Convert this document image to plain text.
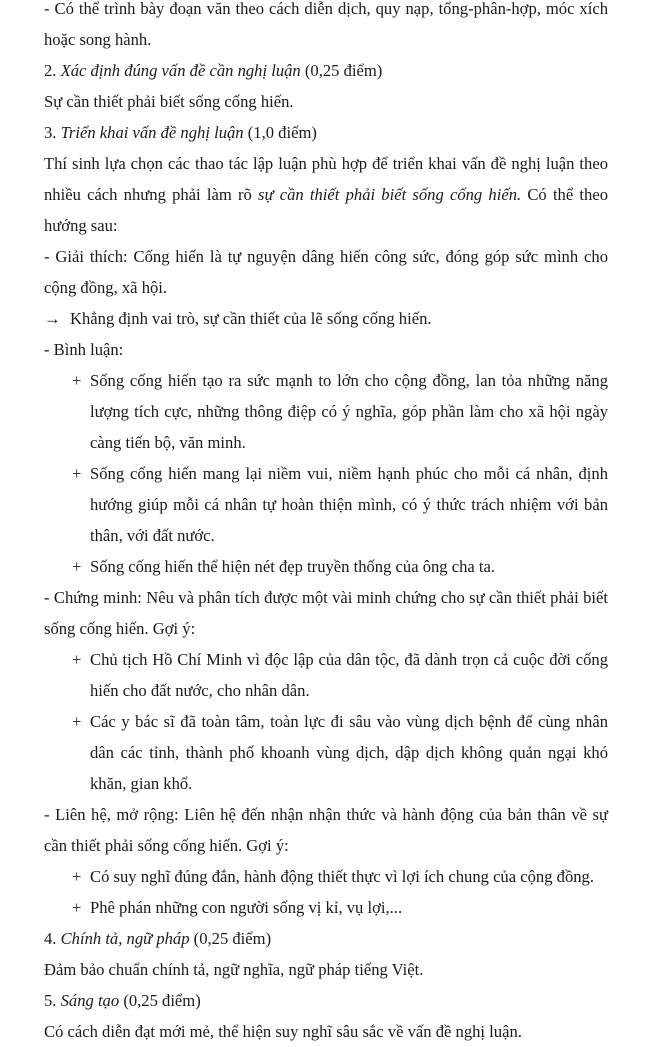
- Có thể trình bày đoạn văn theo cách diễn dịch, quy nạp, tổng-phân-hợp, móc xích hoặc song hành.

2. Xác định đúng vấn đề cần nghị luận (0,25 điểm)

Sự cần thiết phải biết sống cống hiến.

3. Triển khai vấn đề nghị luận (1,0 điểm)

Thí sinh lựa chọn các thao tác lập luận phù hợp để triển khai vấn đề nghị luận theo nhiều cách nhưng phải làm rõ sự cần thiết phải biết sống cống hiến. Có thể theo hướng sau:

- Giải thích: Cống hiến là tự nguyện dâng hiến công sức, đóng góp sức mình cho cộng đồng, xã hội.

→ Khẳng định vai trò, sự cần thiết của lẽ sống cống hiến.

- Bình luận:

+ Sống cống hiến tạo ra sức mạnh to lớn cho cộng đồng, lan tỏa những năng lượng tích cực, những thông điệp có ý nghĩa, góp phần làm cho xã hội ngày càng tiến bộ, văn minh.
+ Sống cống hiến mang lại niềm vui, niềm hạnh phúc cho mỗi cá nhân, định hướng giúp mỗi cá nhân tự hoàn thiện mình, có ý thức trách nhiệm với bản thân, với đất nước.
+ Sống cống hiến thể hiện nét đẹp truyền thống của ông cha ta.

- Chứng minh: Nêu và phân tích được một vài minh chứng cho sự cần thiết phải biết sống cống hiến. Gợi ý:

+ Chủ tịch Hồ Chí Minh vì độc lập của dân tộc, đã dành trọn cả cuộc đời cống hiến cho đất nước, cho nhân dân.
+ Các y bác sĩ đã toàn tâm, toàn lực đi sâu vào vùng dịch bệnh để cùng nhân dân các tỉnh, thành phố khoanh vùng dịch, dập dịch không quản ngại khó khăn, gian khổ.

- Liên hệ, mở rộng: Liên hệ đến nhận nhận thức và hành động của bản thân về sự cần thiết phải sống cống hiến. Gợi ý:

+ Có suy nghĩ đúng đắn, hành động thiết thực vì lợi ích chung của cộng đồng.
+ Phê phán những con người sống vị kỉ, vụ lợi,...

4. Chính tả, ngữ pháp (0,25 điểm)

Đảm bảo chuẩn chính tả, ngữ nghĩa, ngữ pháp tiếng Việt.

5. Sáng tạo (0,25 điểm)

Có cách diễn đạt mới mẻ, thể hiện suy nghĩ sâu sắc về vấn đề nghị luận.
